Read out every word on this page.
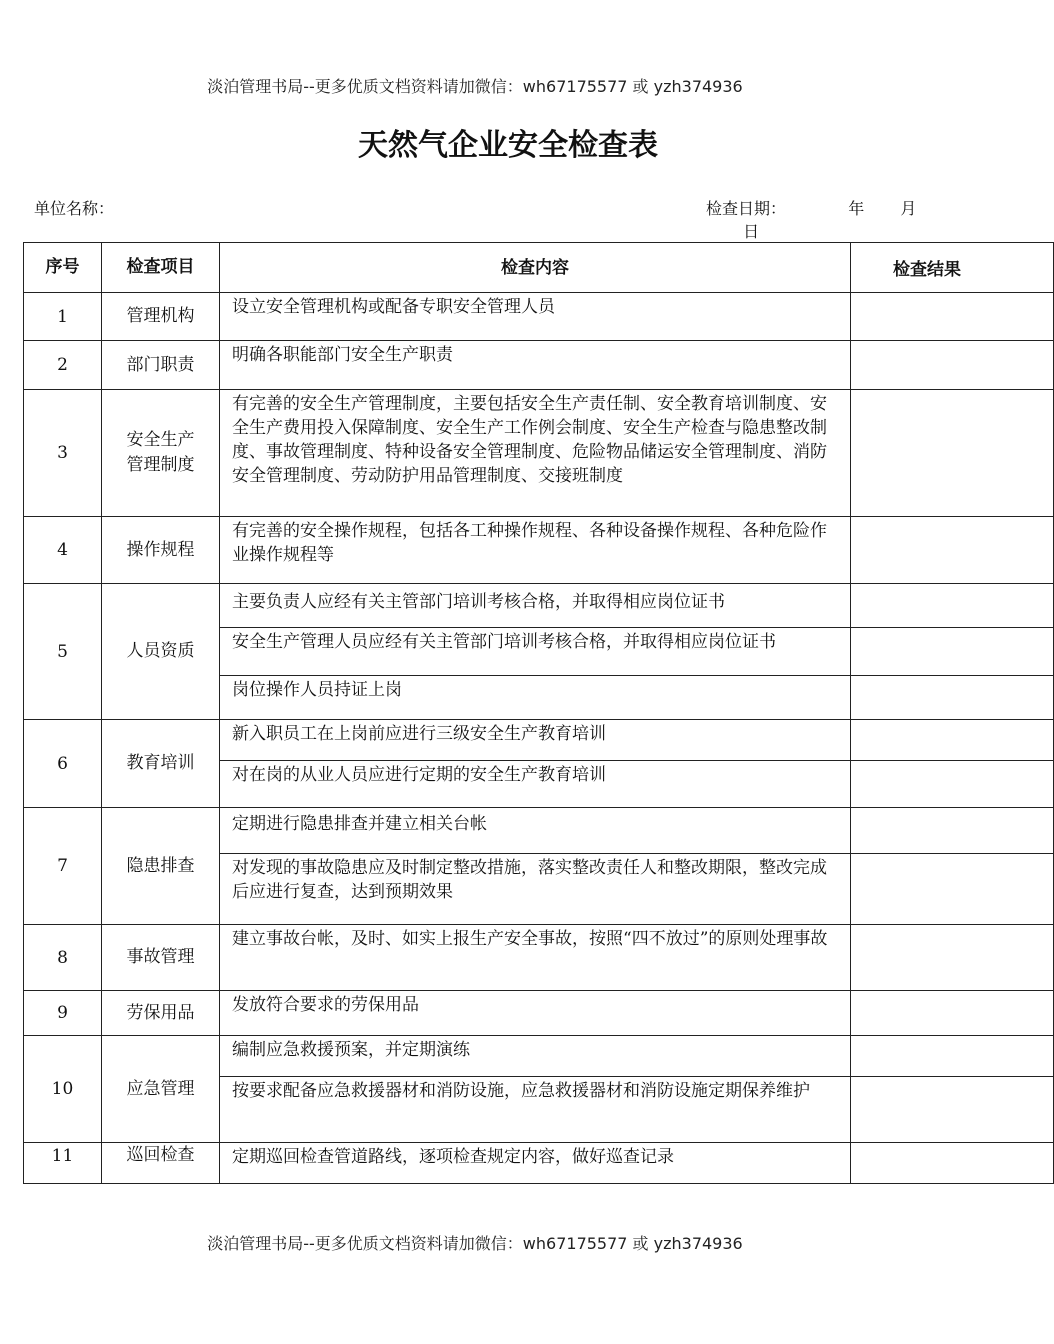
淡泊管理书局--更多优质文档资料请加微信：wh67175577 或 yzh374936
天然气企业安全检查表
单位名称：	检查日期：	年 月  日
序号	检查项目	检查内容	检查结果
1	管理机构	设立安全管理机构或配备专职安全管理人员	
2	部门职责	明确各职能部门安全生产职责	
3	安全生产管理制度	有完善的安全生产管理制度，主要包括安全生产责任制、安全教育培训制度、安全生产费用投入保障制度、安全生产工作例会制度、安全生产检查与隐患整改制度、事故管理制度、特种设备安全管理制度、危险物品储运安全管理制度、消防安全管理制度、劳动防护用品管理制度、交接班制度	
4	操作规程	有完善的安全操作规程，包括各工种操作规程、各种设备操作规程、各种危险作业操作规程等	
5	人员资质	主要负责人应经有关主管部门培训考核合格，并取得相应岗位证书	
		安全生产管理人员应经有关主管部门培训考核合格，并取得相应岗位证书	
		岗位操作人员持证上岗	
6	教育培训	新入职员工在上岗前应进行三级安全生产教育培训	
		对在岗的从业人员应进行定期的安全生产教育培训	
7	隐患排查	定期进行隐患排查并建立相关台帐	
		对发现的事故隐患应及时制定整改措施，落实整改责任人和整改期限，整改完成后应进行复查，达到预期效果	
8	事故管理	建立事故台帐，及时、如实上报生产安全事故，按照“四不放过”的原则处理事故	
9	劳保用品	发放符合要求的劳保用品	
10	应急管理	编制应急救援预案，并定期演练	
		按要求配备应急救援器材和消防设施，应急救援器材和消防设施定期保养维护	
11	巡回检查	定期巡回检查管道路线，逐项检查规定内容，做好巡查记录	
淡泊管理书局--更多优质文档资料请加微信：wh67175577 或 yzh374936
